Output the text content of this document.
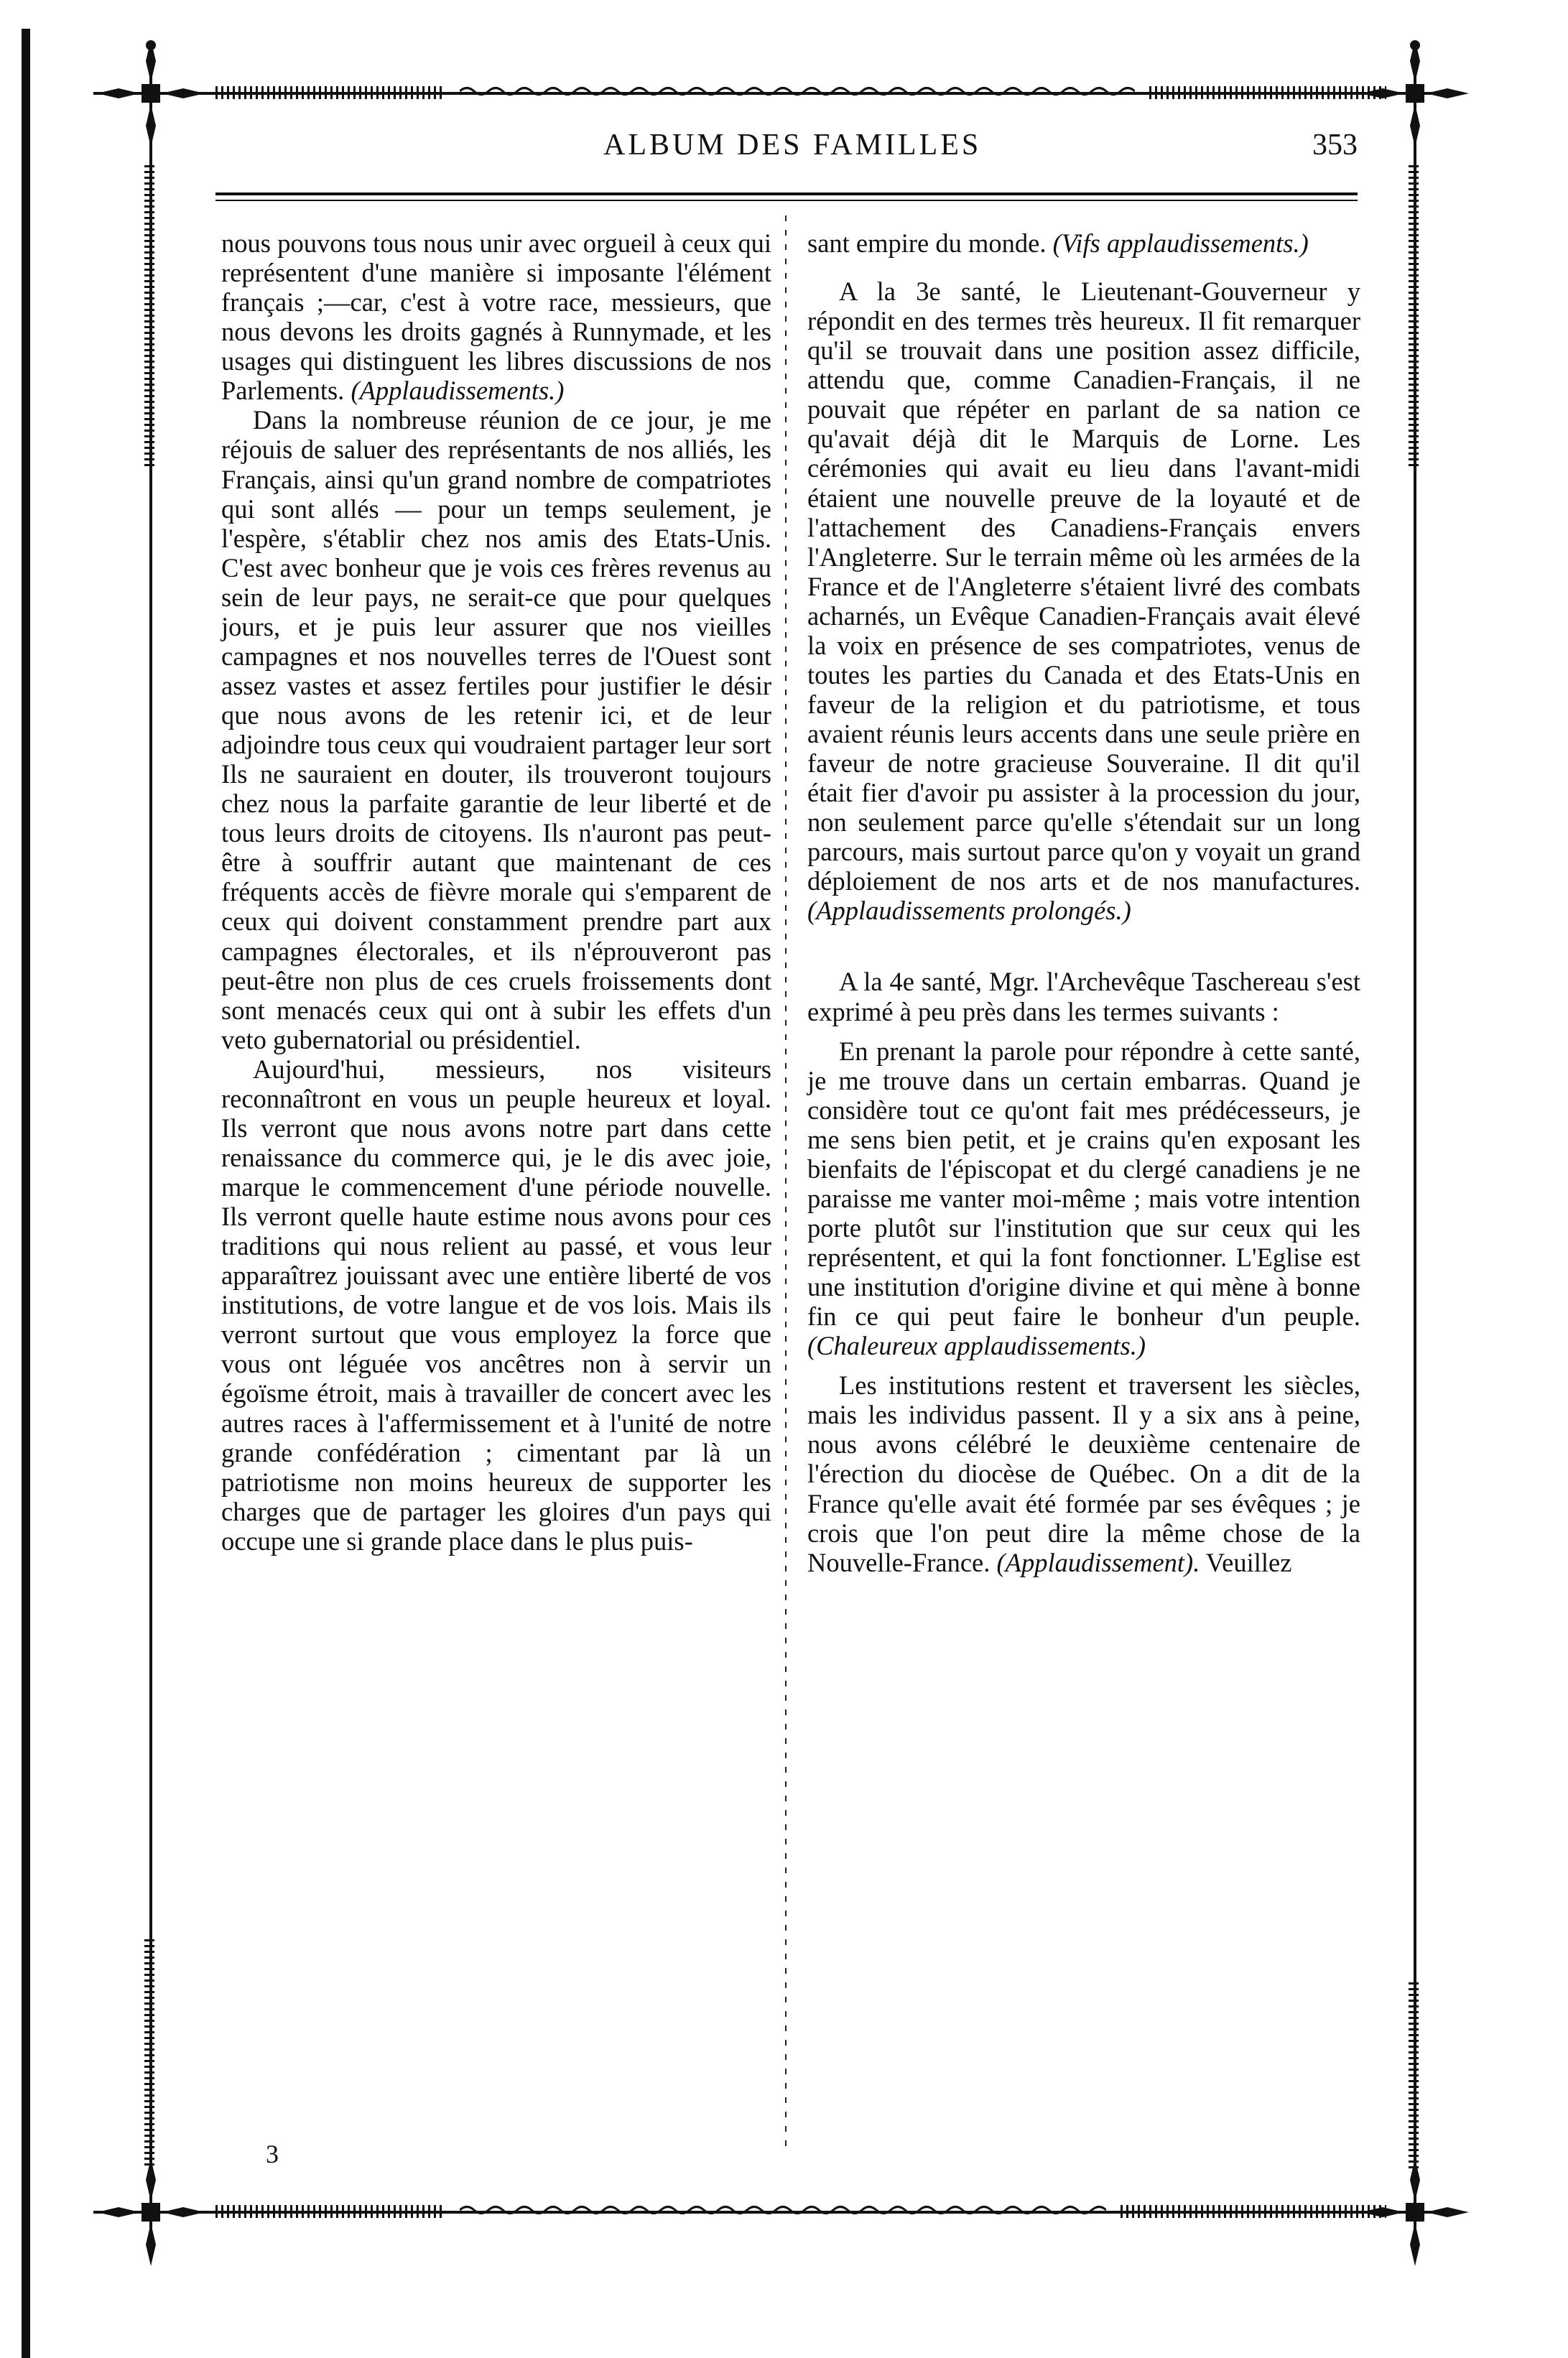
ALBUM DES FAMILLES	353

nous pouvons tous nous unir avec orgueil à ceux qui représentent d'une manière si imposante l'élément français ;—car, c'est à votre race, messieurs, que nous devons les droits gagnés à Runnymade, et les usages qui distinguent les libres discussions de nos Parlements. (Applaudissements.)

Dans la nombreuse réunion de ce jour, je me réjouis de saluer des représentants de nos alliés, les Français, ainsi qu'un grand nombre de compatriotes qui sont allés — pour un temps seulement, je l'espère, s'établir chez nos amis des Etats-Unis. C'est avec bonheur que je vois ces frères revenus au sein de leur pays, ne serait-ce que pour quelques jours, et je puis leur assurer que nos vieilles campagnes et nos nouvelles terres de l'Ouest sont assez vastes et assez fertiles pour justifier le désir que nous avons de les retenir ici, et de leur adjoindre tous ceux qui voudraient partager leur sort Ils ne sauraient en douter, ils trouveront toujours chez nous la parfaite garantie de leur liberté et de tous leurs droits de citoyens. Ils n'auront pas peut-être à souffrir autant que maintenant de ces fréquents accès de fièvre morale qui s'emparent de ceux qui doivent constamment prendre part aux campagnes électorales, et ils n'éprouveront pas peut-être non plus de ces cruels froissements dont sont menacés ceux qui ont à subir les effets d'un veto gubernatorial ou présidentiel.

Aujourd'hui, messieurs, nos visiteurs reconnaîtront en vous un peuple heureux et loyal. Ils verront que nous avons notre part dans cette renaissance du commerce qui, je le dis avec joie, marque le commencement d'une période nouvelle. Ils verront quelle haute estime nous avons pour ces traditions qui nous relient au passé, et vous leur apparaîtrez jouissant avec une entière liberté de vos institutions, de votre langue et de vos lois. Mais ils verront surtout que vous employez la force que vous ont léguée vos ancêtres non à servir un égoïsme étroit, mais à travailler de concert avec les autres races à l'affermissement et à l'unité de notre grande confédération ; cimentant par là un patriotisme non moins heureux de supporter les charges que de partager les gloires d'un pays qui occupe une si grande place dans le plus puis-

sant empire du monde. (Vifs applaudissements.)

A la 3e santé, le Lieutenant-Gouverneur y répondit en des termes très heureux. Il fit remarquer qu'il se trouvait dans une position assez difficile, attendu que, comme Canadien-Français, il ne pouvait que répéter en parlant de sa nation ce qu'avait déjà dit le Marquis de Lorne. Les cérémonies qui avait eu lieu dans l'avant-midi étaient une nouvelle preuve de la loyauté et de l'attachement des Canadiens-Français envers l'Angleterre. Sur le terrain même où les armées de la France et de l'Angleterre s'étaient livré des combats acharnés, un Evêque Canadien-Français avait élevé la voix en présence de ses compatriotes, venus de toutes les parties du Canada et des Etats-Unis en faveur de la religion et du patriotisme, et tous avaient réunis leurs accents dans une seule prière en faveur de notre gracieuse Souveraine. Il dit qu'il était fier d'avoir pu assister à la procession du jour, non seulement parce qu'elle s'étendait sur un long parcours, mais surtout parce qu'on y voyait un grand déploiement de nos arts et de nos manufactures. (Applaudissements prolongés.)

A la 4e santé, Mgr. l'Archevêque Taschereau s'est exprimé à peu près dans les termes suivants :

En prenant la parole pour répondre à cette santé, je me trouve dans un certain embarras. Quand je considère tout ce qu'ont fait mes prédécesseurs, je me sens bien petit, et je crains qu'en exposant les bienfaits de l'épiscopat et du clergé canadiens je ne paraisse me vanter moi-même ; mais votre intention porte plutôt sur l'institution que sur ceux qui les représentent, et qui la font fonctionner. L'Eglise est une institution d'origine divine et qui mène à bonne fin ce qui peut faire le bonheur d'un peuple. (Chaleureux applaudissements.)

Les institutions restent et traversent les siècles, mais les individus passent. Il y a six ans à peine, nous avons célébré le deuxième centenaire de l'érection du diocèse de Québec. On a dit de la France qu'elle avait été formée par ses évêques ; je crois que l'on peut dire la même chose de la Nouvelle-France. (Applaudissement). Veuillez

3
